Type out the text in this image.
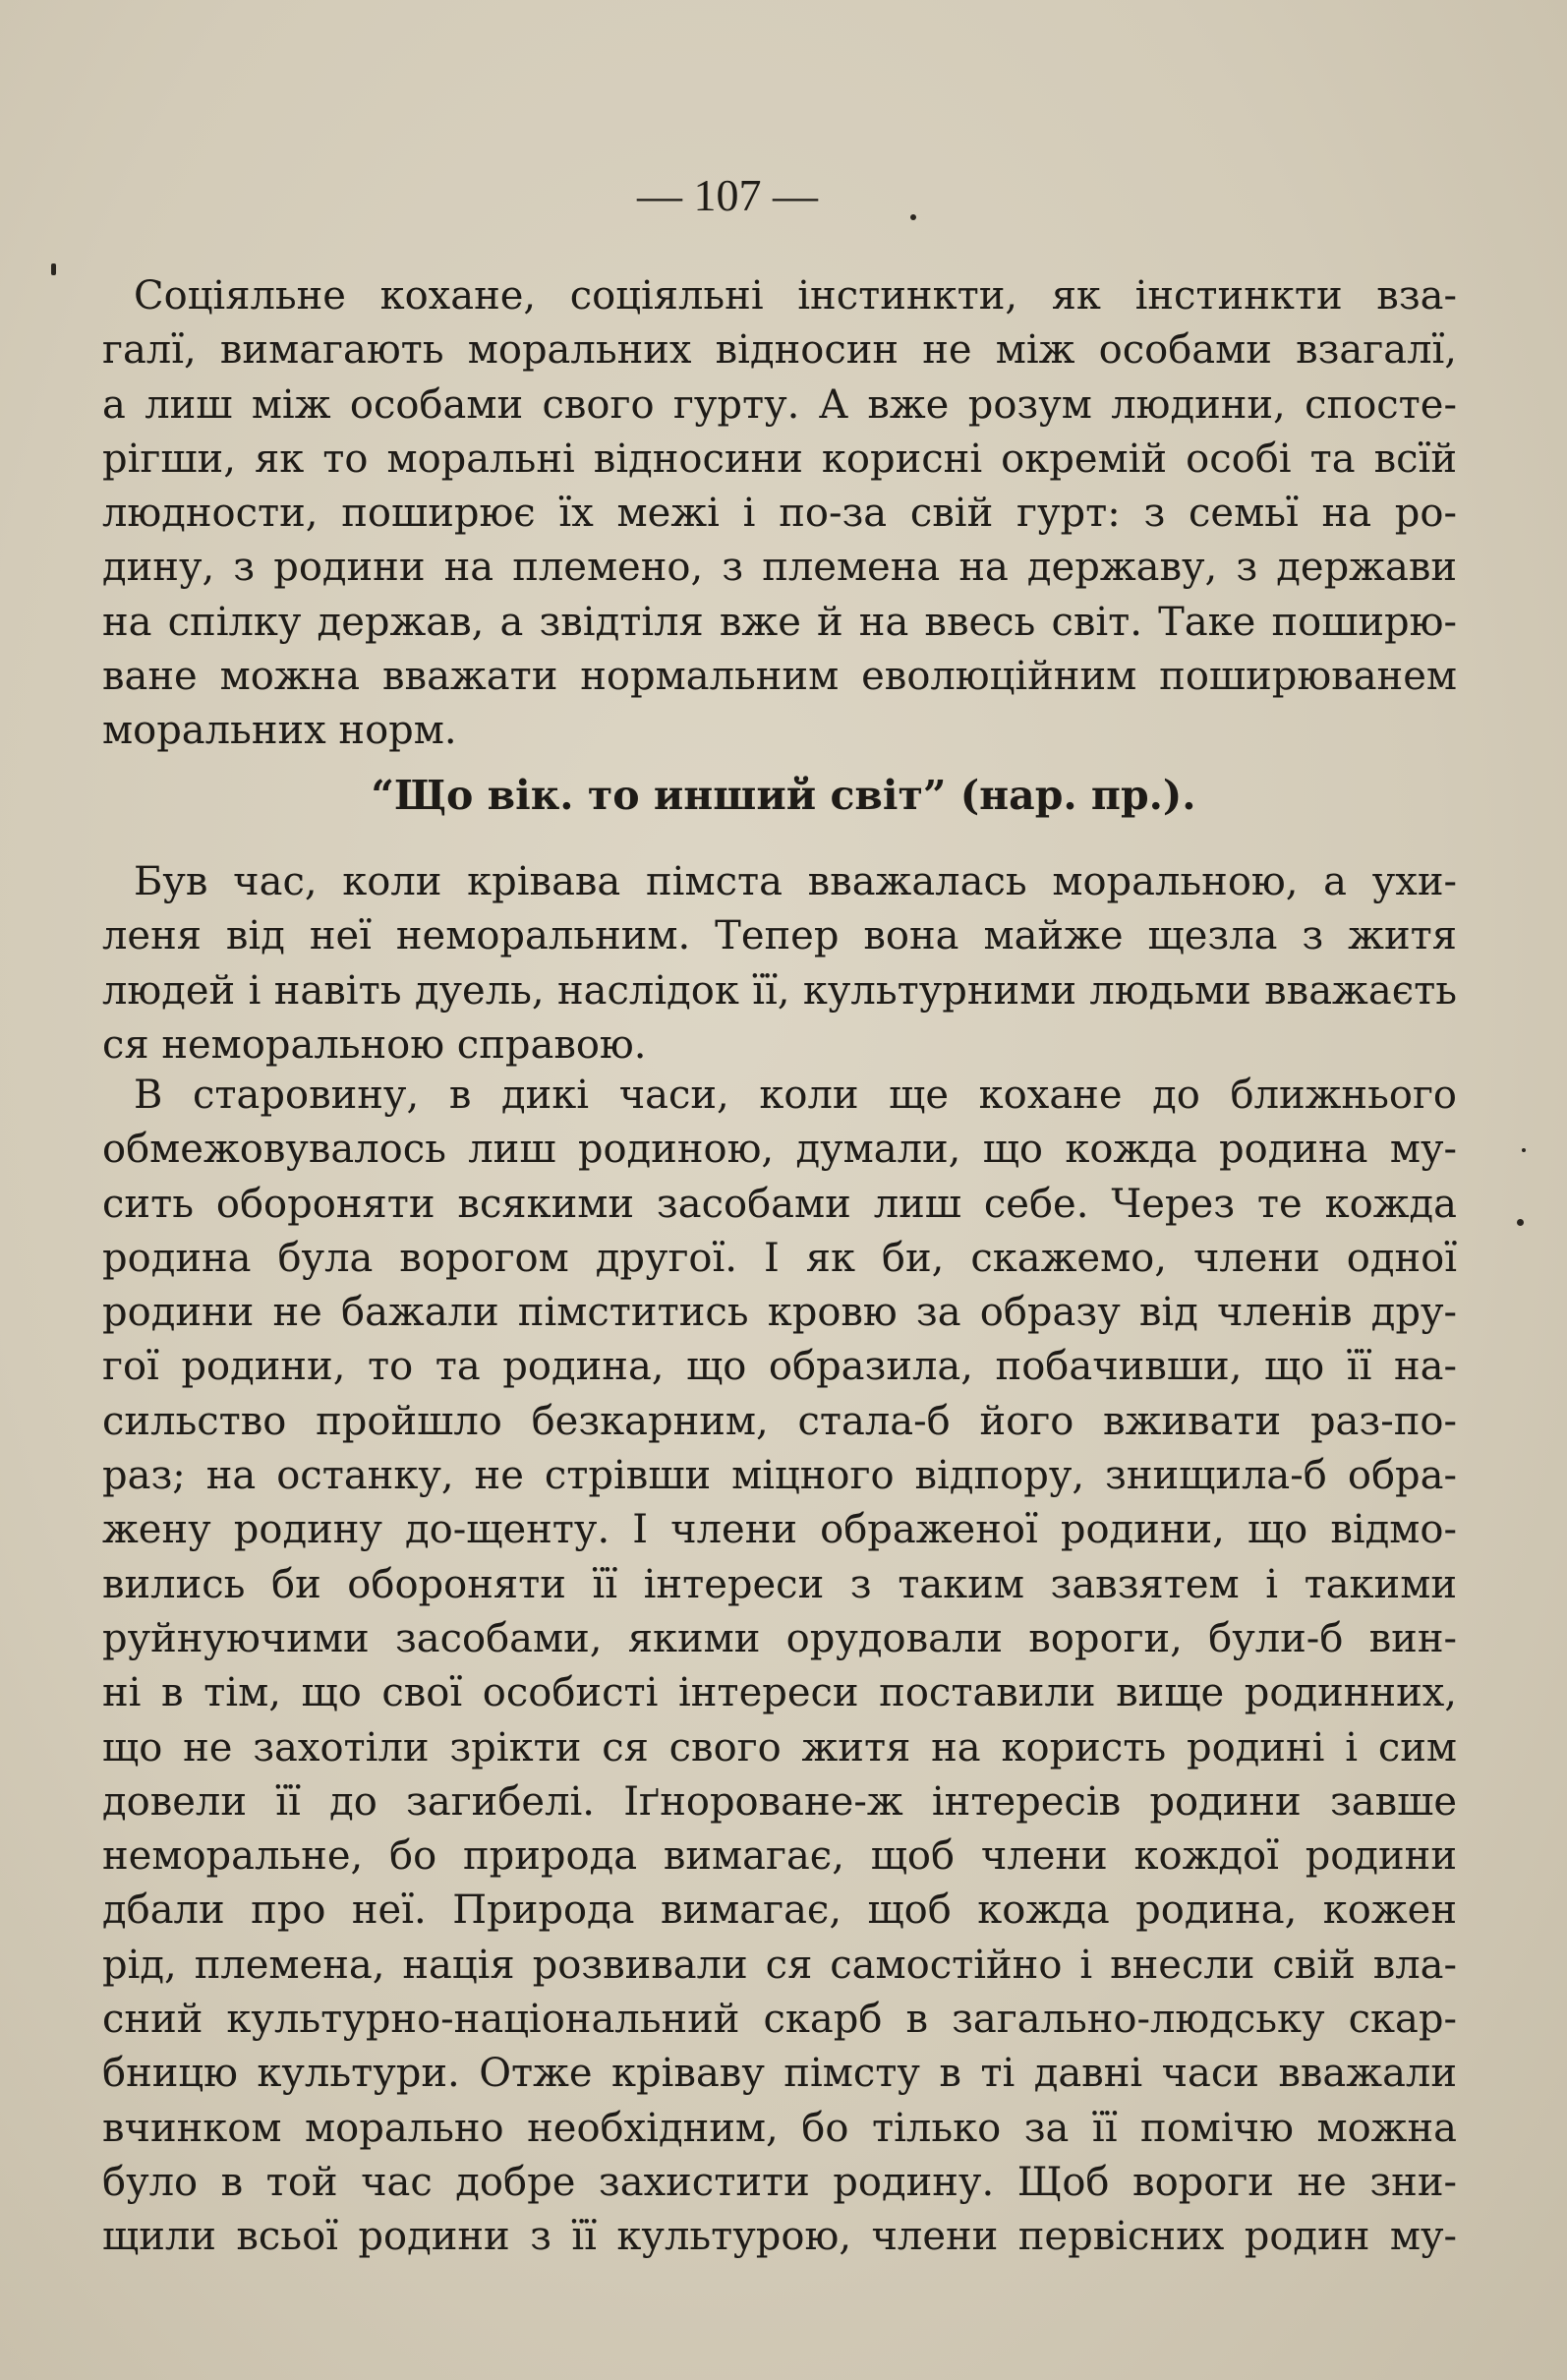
— 107 —
Соціяльне кохане, соціяльні інстинкти, як інстинкти вза-
галї, вимагають моральних відносин не між особами взагалї,
а лиш між особами свого гурту. А вже розум людини, спосте-
рігши, як то моральні відносини корисні окремій особі та всїй
людности, поширює їх межі і по-за свій гурт: з семьї на ро-
дину, з родини на племено, з племена на державу, з держави
на спілку держав, а звідтіля вже й на ввесь світ. Таке поширю-
ване можна вважати нормальним еволюційним поширюванем
моральних норм.
“Що вік. то инший світ” (нар. пр.).
Був час, коли крівава пімста вважалась моральною, а ухи-
леня від неї неморальним. Тепер вона майже щезла з житя
людей і навіть дуель, наслідок її, культурними людьми вважаєть
ся неморальною справою.
В старовину, в дикі часи, коли ще кохане до ближнього
обмежовувалось лиш родиною, думали, що кожда родина му-
сить обороняти всякими засобами лиш себе. Через те кожда
родина була ворогом другої. І як би, скажемо, члени одної
родини не бажали пімститись кровю за образу від членів дру-
гої родини, то та родина, що образила, побачивши, що її на-
сильство пройшло безкарним, стала-б його вживати раз-по-
раз; на останку, не стрівши міцного відпору, знищила-б обра-
жену родину до-щенту. І члени ображеної родини, що відмо-
вились би обороняти її інтереси з таким завзятем і такими
руйнуючими засобами, якими орудовали вороги, були-б вин-
ні в тім, що свої особисті інтереси поставили вище родинних,
що не захотіли зрікти ся свого житя на користь родині і сим
довели її до загибелі. Іґнороване-ж інтересів родини завше
неморальне, бо природа вимагає, щоб члени кождої родини
дбали про неї. Природа вимагає, щоб кожда родина, кожен
рід, племена, нація розвивали ся самостійно і внесли свій вла-
сний культурно-національний скарб в загально-людську скар-
бницю культури. Отже кріваву пімсту в ті давні часи вважали
вчинком морально необхідним, бо тілько за її помічю можна
було в той час добре захистити родину. Щоб вороги не зни-
щили всьої родини з її культурою, члени первісних родин му-
